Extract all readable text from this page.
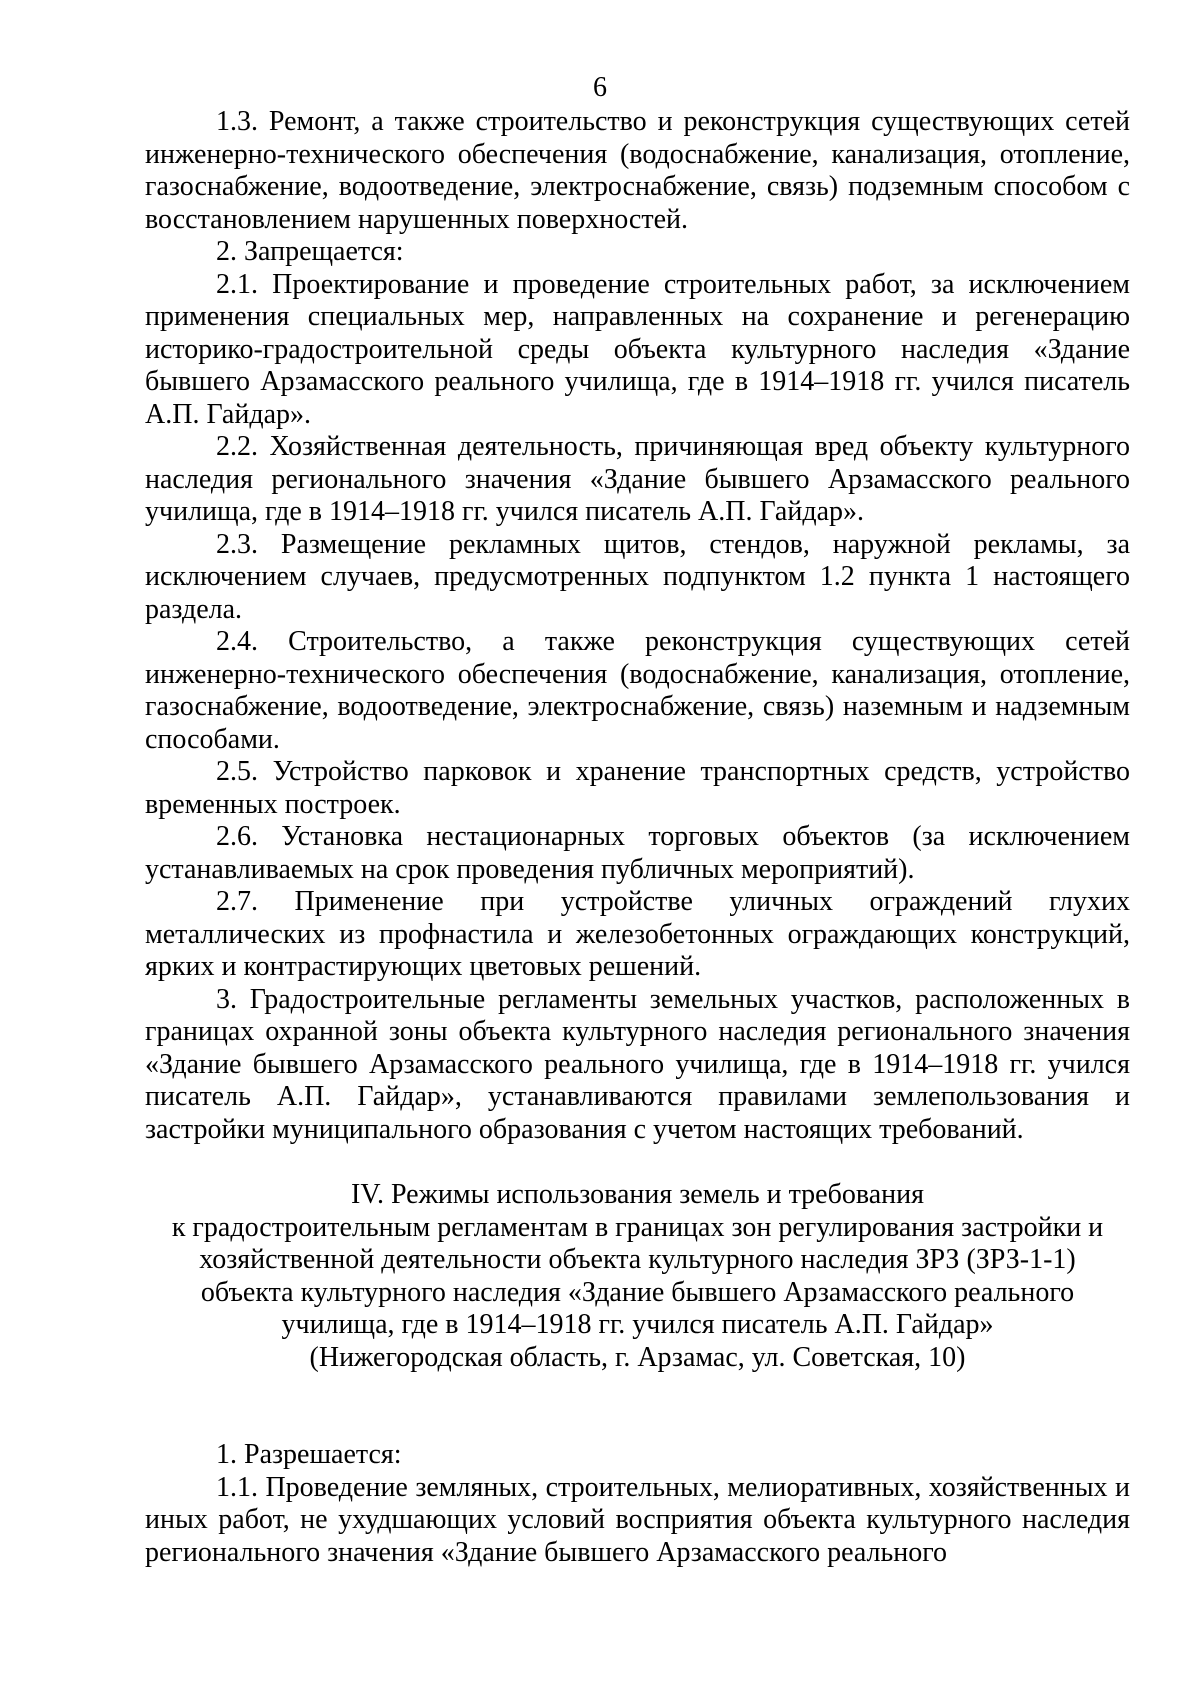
6

1.3. Ремонт, а также строительство и реконструкция существующих сетей инженерно-технического обеспечения (водоснабжение, канализация, отопление, газоснабжение, водоотведение, электроснабжение, связь) подземным способом с восстановлением нарушенных поверхностей.

2. Запрещается:

2.1. Проектирование и проведение строительных работ, за исключением применения специальных мер, направленных на сохранение и регенерацию историко-градостроительной среды объекта культурного наследия «Здание бывшего Арзамасского реального училища, где в 1914–1918 гг. учился писатель А.П. Гайдар».

2.2. Хозяйственная деятельность, причиняющая вред объекту культурного наследия регионального значения «Здание бывшего Арзамасского реального училища, где в 1914–1918 гг. учился писатель А.П. Гайдар».

2.3. Размещение рекламных щитов, стендов, наружной рекламы, за исключением случаев, предусмотренных подпунктом 1.2 пункта 1 настоящего раздела.

2.4. Строительство, а также реконструкция существующих сетей инженерно-технического обеспечения (водоснабжение, канализация, отопление, газоснабжение, водоотведение, электроснабжение, связь) наземным и надземным способами.

2.5. Устройство парковок и хранение транспортных средств, устройство временных построек.

2.6. Установка нестационарных торговых объектов (за исключением устанавливаемых на срок проведения публичных мероприятий).

2.7. Применение при устройстве уличных ограждений глухих металлических из профнастила и железобетонных ограждающих конструкций, ярких и контрастирующих цветовых решений.

3. Градостроительные регламенты земельных участков, расположенных в границах охранной зоны объекта культурного наследия регионального значения «Здание бывшего Арзамасского реального училища, где в 1914–1918 гг. учился писатель А.П. Гайдар», устанавливаются правилами землепользования и застройки муниципального образования с учетом настоящих требований.

IV. Режимы использования земель и требования
к градостроительным регламентам в границах зон регулирования застройки и
хозяйственной деятельности объекта культурного наследия ЗРЗ (ЗРЗ-1-1)
объекта культурного наследия «Здание бывшего Арзамасского реального
училища, где в 1914–1918 гг. учился писатель А.П. Гайдар»
(Нижегородская область, г. Арзамас, ул. Советская, 10)

1. Разрешается:

1.1. Проведение земляных, строительных, мелиоративных, хозяйственных и иных работ, не ухудшающих условий восприятия объекта культурного наследия регионального значения «Здание бывшего Арзамасского реального
